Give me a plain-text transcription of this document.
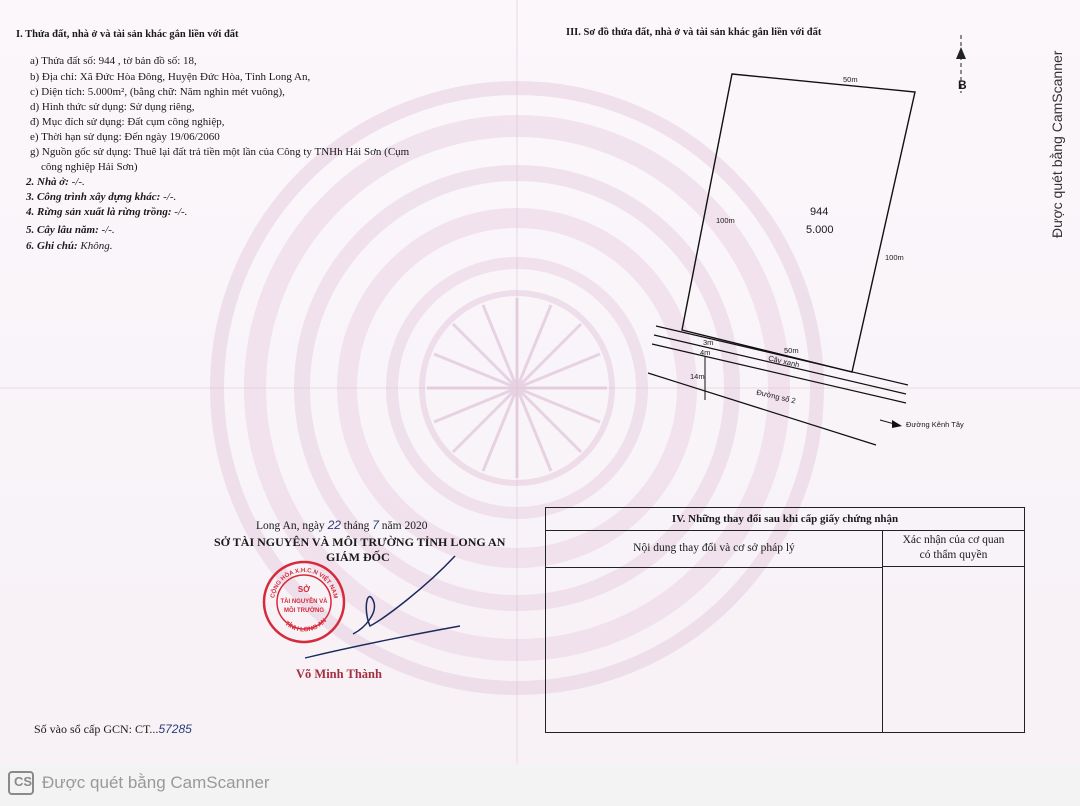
I. Thửa đất, nhà ở và tài sản khác gắn liền với đất
a) Thửa đất số: 944 , tờ bản đồ số: 18,
b) Địa chỉ: Xã Đức Hòa Đông, Huyện Đức Hòa, Tỉnh Long An,
c) Diện tích: 5.000m², (bằng chữ: Năm nghìn mét vuông),
d) Hình thức sử dụng: Sử dụng riêng,
đ) Mục đích sử dụng: Đất cụm công nghiệp,
e) Thời hạn sử dụng: Đến ngày 19/06/2060
g) Nguồn gốc sử dụng: Thuê lại đất trả tiền một lần của Công ty TNHh Hải Sơn (Cụm
công nghiệp Hải Sơn)
2. Nhà ở: -/-.
3. Công trình xây dựng khác: -/-.
4. Rừng sản xuất là rừng trồng: -/-.
5. Cây lâu năm: -/-.
6. Ghi chú: Không.
III. Sơ đồ thửa đất, nhà ở và tài sản khác gắn liền với đất
B
50m
100m
100m
50m
944
5.000
3m
4m
14m
Cây xanh
Đường số 2
Đường Kênh Tây
Long An, ngày 22 tháng 7 năm 2020
SỞ TÀI NGUYÊN VÀ MÔI TRƯỜNG TỈNH LONG AN
GIÁM ĐỐC
CỘNG HÒA X.H.C.N VIỆT NAM
TỈNH LONG AN
SỞ
TÀI NGUYÊN VÀ
MÔI TRƯỜNG
Võ Minh Thành
Số vào sổ cấp GCN: CT...57285
IV. Những thay đổi sau khi cấp giấy chứng nhận
Nội dung thay đổi và cơ sở pháp lý
Xác nhận của cơ quan
có thẩm quyền
Được quét bằng CamScanner
CS Được quét bằng CamScanner
